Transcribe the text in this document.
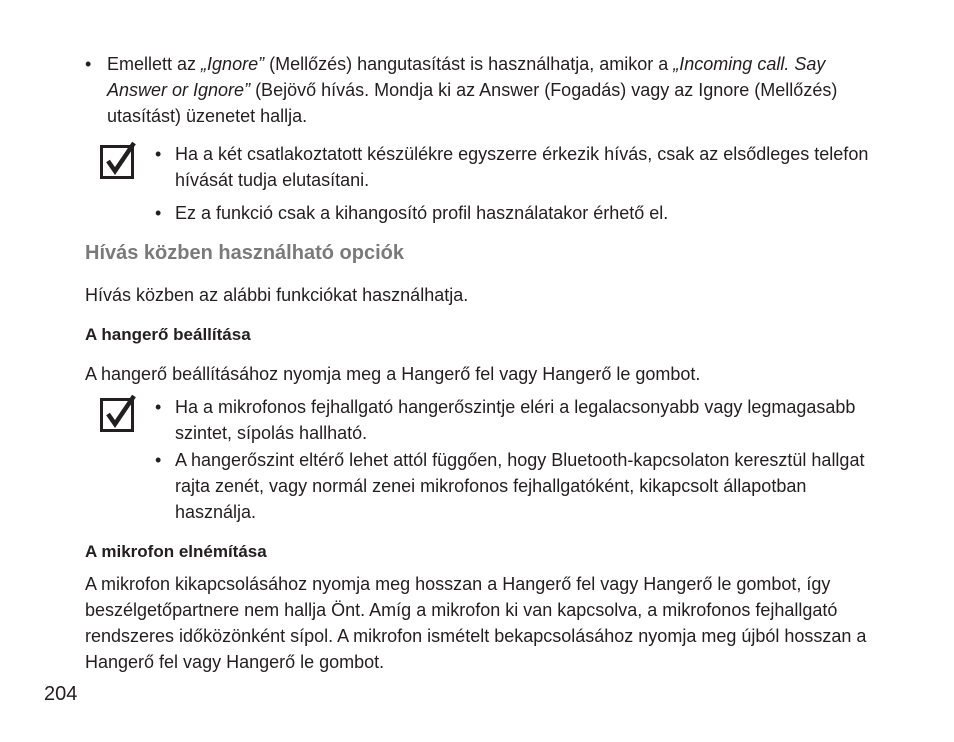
• Emellett az „Ignore” (Mellőzés) hangutasítást is használhatja, amikor a „Incoming call. Say Answer or Ignore” (Bejövő hívás. Mondja ki az Answer (Fogadás) vagy az Ignore (Mellőzés) utasítást) üzenetet hallja.
• Ha a két csatlakoztatott készülékre egyszerre érkezik hívás, csak az elsődleges telefon hívását tudja elutasítani.
• Ez a funkció csak a kihangosító profil használatakor érhető el.
Hívás közben használható opciók
Hívás közben az alábbi funkciókat használhatja.
A hangerő beállítása
A hangerő beállításához nyomja meg a Hangerő fel vagy Hangerő le gombot.
• Ha a mikrofonos fejhallgató hangerőszintje eléri a legalacsonyabb vagy legmagasabb szintet, sípolás hallható.
• A hangerőszint eltérő lehet attól függően, hogy Bluetooth-kapcsolaton keresztül hallgat rajta zenét, vagy normál zenei mikrofonos fejhallgatóként, kikapcsolt állapotban használja.
A mikrofon elnémítása
A mikrofon kikapcsolásához nyomja meg hosszan a Hangerő fel vagy Hangerő le gombot, így beszélgetőpartnere nem hallja Önt. Amíg a mikrofon ki van kapcsolva, a mikrofonos fejhallgató rendszeres időközönként sípol. A mikrofon ismételt bekapcsolásához nyomja meg újból hosszan a Hangerő fel vagy Hangerő le gombot.
204
